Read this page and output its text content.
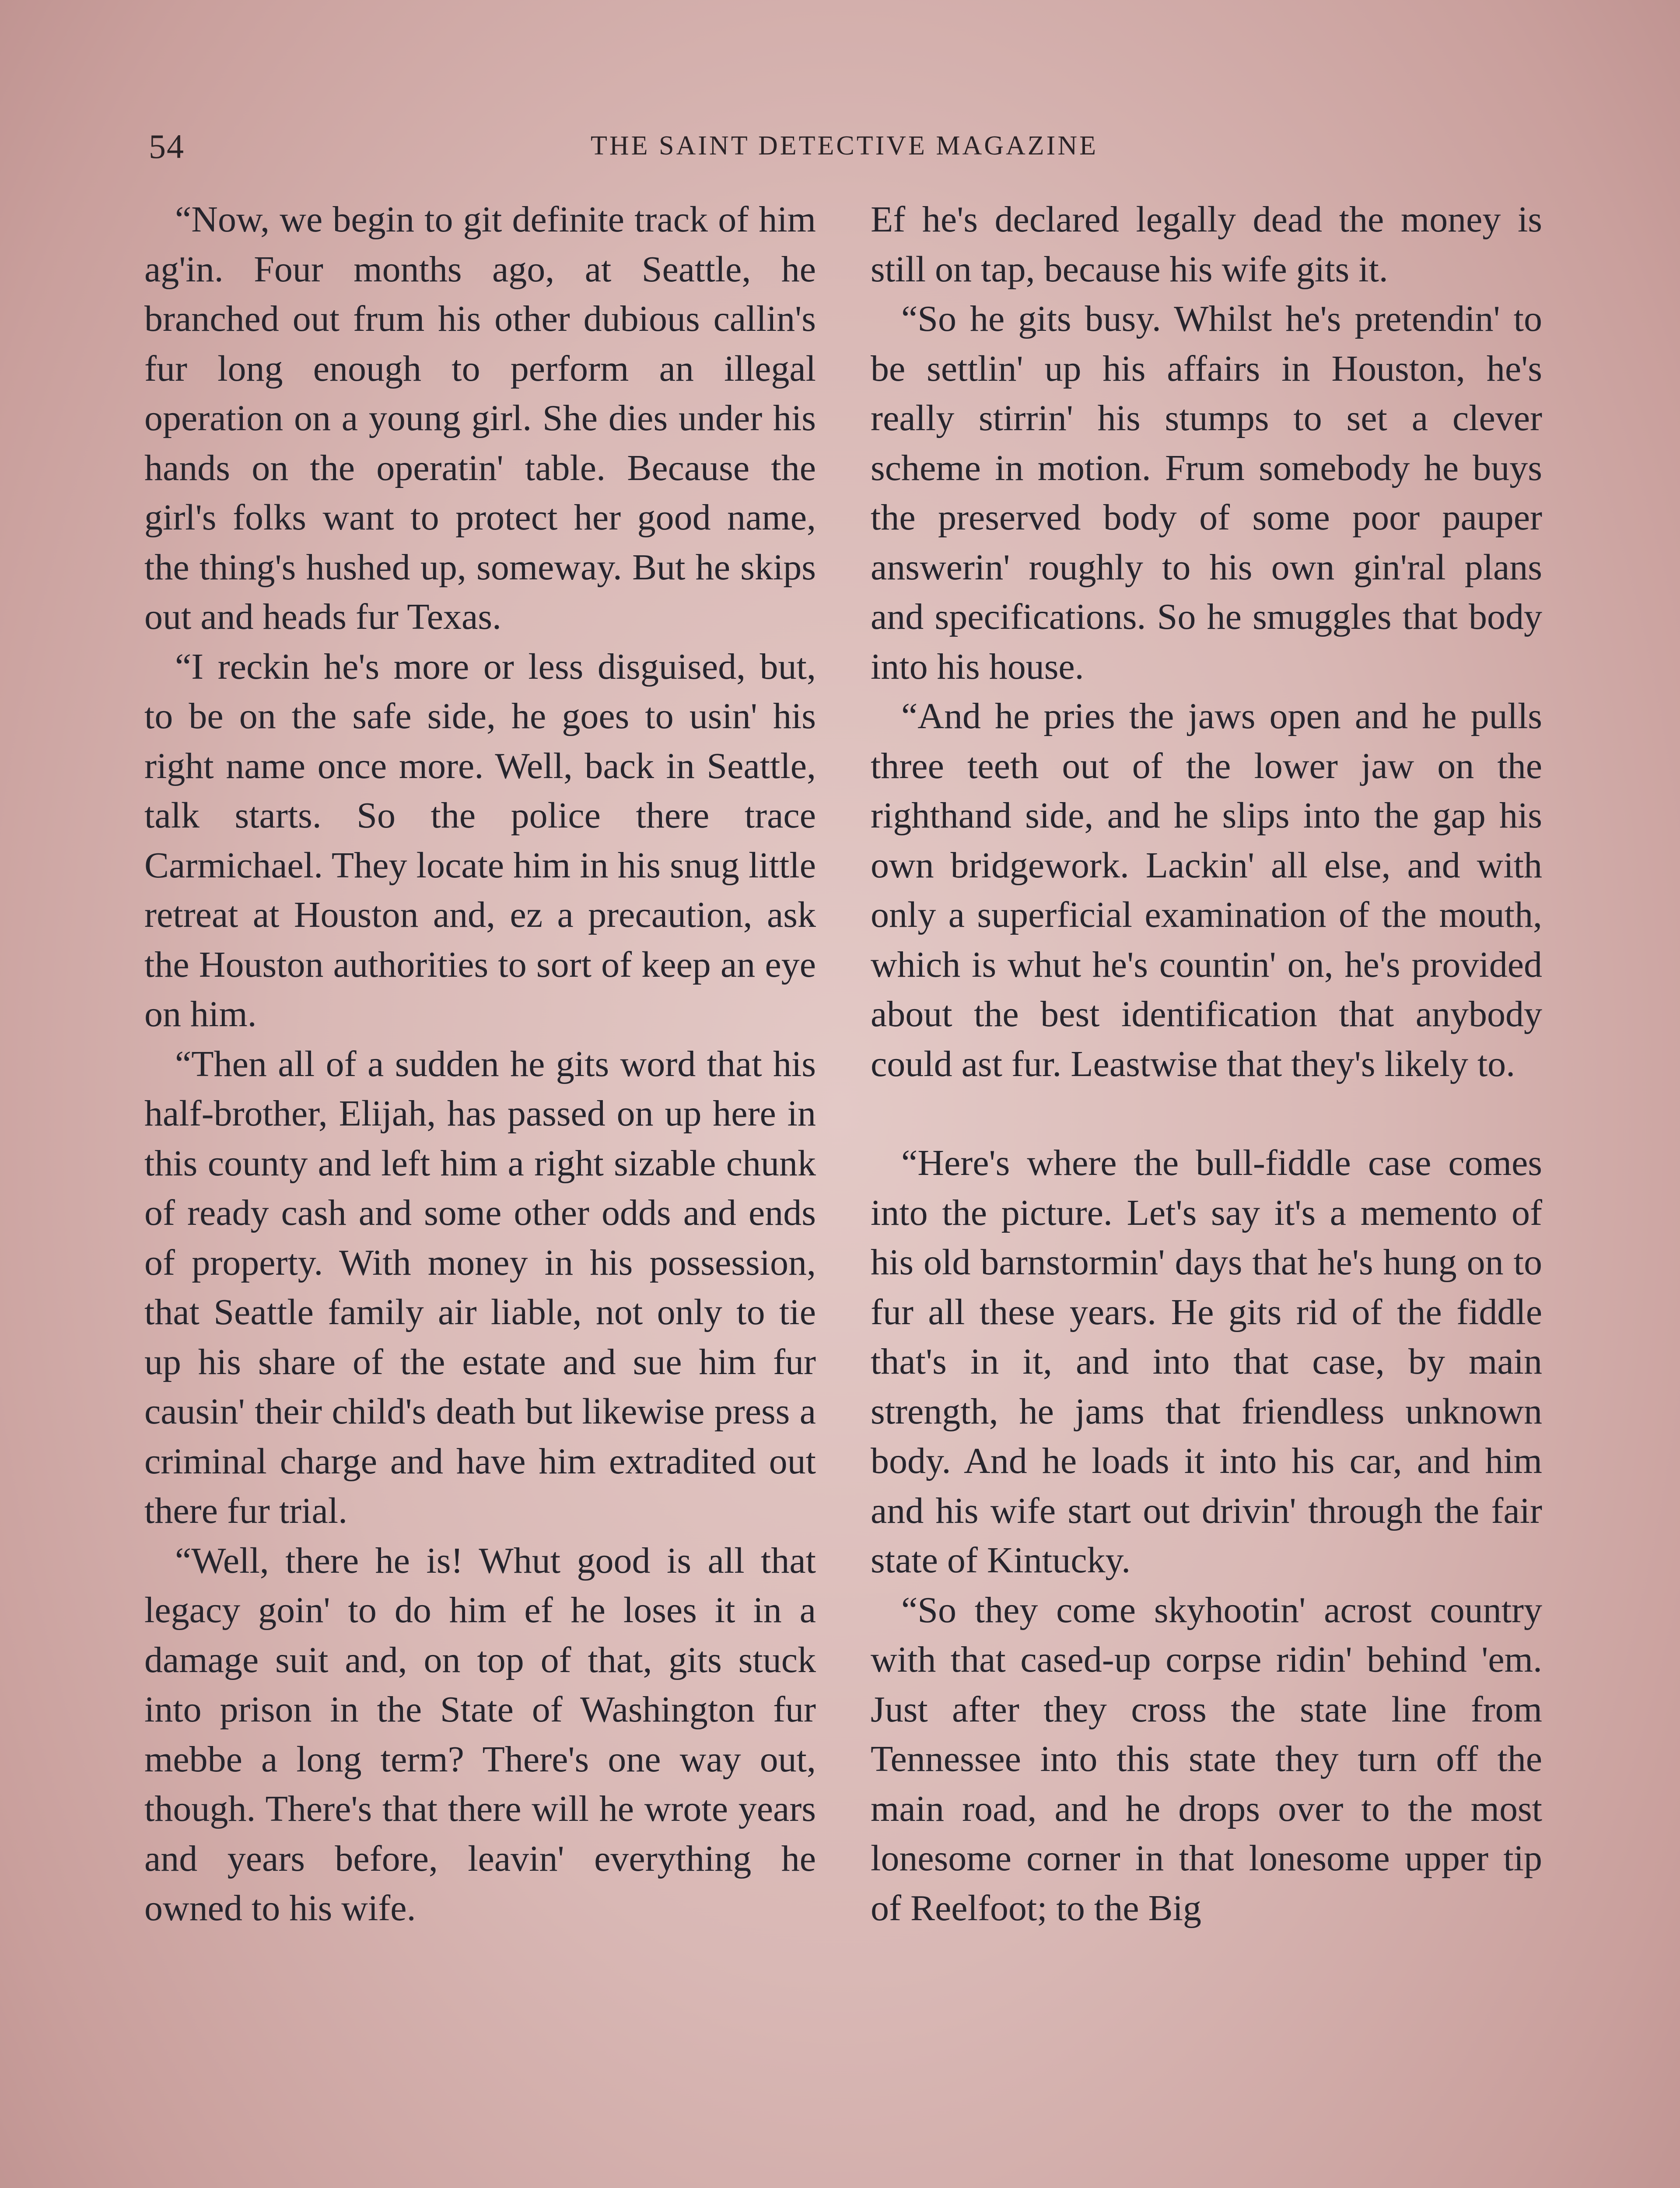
54	THE SAINT DETECTIVE MAGAZINE

“Now, we begin to git definite track of him ag'in. Four months ago, at Seattle, he branched out frum his other dubious callin's fur long enough to perform an illegal operation on a young girl. She dies under his hands on the operatin' table. Because the girl's folks want to protect her good name, the thing's hushed up, someway. But he skips out and heads fur Texas.

“I reckin he's more or less disguised, but, to be on the safe side, he goes to usin' his right name once more. Well, back in Seattle, talk starts. So the police there trace Carmichael. They locate him in his snug little retreat at Houston and, ez a precaution, ask the Houston authorities to sort of keep an eye on him.

“Then all of a sudden he gits word that his half-brother, Elijah, has passed on up here in this county and left him a right sizable chunk of ready cash and some other odds and ends of property. With money in his possession, that Seattle family air liable, not only to tie up his share of the estate and sue him fur causin' their child's death but likewise press a criminal charge and have him extradited out there fur trial.

“Well, there he is! Whut good is all that legacy goin' to do him ef he loses it in a damage suit and, on top of that, gits stuck into prison in the State of Washington fur mebbe a long term? There's one way out, though. There's that there will he wrote years and years before, leavin' everything he owned to his wife.

Ef he's declared legally dead the money is still on tap, because his wife gits it.

“So he gits busy. Whilst he's pretendin' to be settlin' up his affairs in Houston, he's really stirrin' his stumps to set a clever scheme in motion. Frum somebody he buys the preserved body of some poor pauper answerin' roughly to his own gin'ral plans and specifications. So he smuggles that body into his house.

“And he pries the jaws open and he pulls three teeth out of the lower jaw on the righthand side, and he slips into the gap his own bridgework. Lackin' all else, and with only a superficial examination of the mouth, which is whut he's countin' on, he's provided about the best identification that anybody could ast fur. Leastwise that they's likely to.

“Here's where the bull-fiddle case comes into the picture. Let's say it's a memento of his old barnstormin' days that he's hung on to fur all these years. He gits rid of the fiddle that's in it, and into that case, by main strength, he jams that friendless unknown body. And he loads it into his car, and him and his wife start out drivin' through the fair state of Kintucky.

“So they come skyhootin' acrost country with that cased-up corpse ridin' behind 'em. Just after they cross the state line from Tennessee into this state they turn off the main road, and he drops over to the most lonesome corner in that lonesome upper tip of Reelfoot; to the Big
